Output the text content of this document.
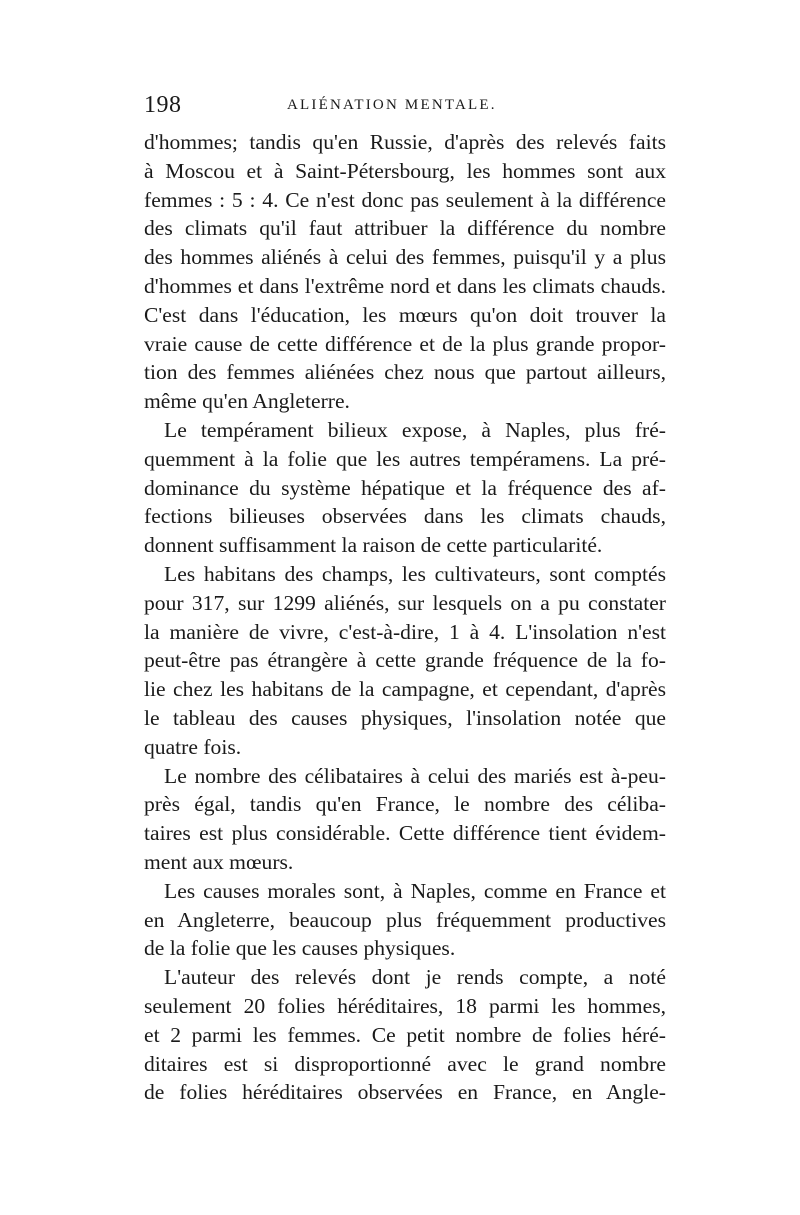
198	ALIÉNATION MENTALE.
d'hommes; tandis qu'en Russie, d'après des relevés faits
à Moscou et à Saint-Pétersbourg, les hommes sont aux
femmes : 5 : 4. Ce n'est donc pas seulement à la différence
des climats qu'il faut attribuer la différence du nombre
des hommes aliénés à celui des femmes, puisqu'il y a plus
d'hommes et dans l'extrême nord et dans les climats chauds.
C'est dans l'éducation, les mœurs qu'on doit trouver la
vraie cause de cette différence et de la plus grande propor-
tion des femmes aliénées chez nous que partout ailleurs,
même qu'en Angleterre.
Le tempérament bilieux expose, à Naples, plus fré-
quemment à la folie que les autres tempéramens. La pré-
dominance du système hépatique et la fréquence des af-
fections bilieuses observées dans les climats chauds,
donnent suffisamment la raison de cette particularité.
Les habitans des champs, les cultivateurs, sont comptés
pour 317, sur 1299 aliénés, sur lesquels on a pu constater
la manière de vivre, c'est-à-dire, 1 à 4. L'insolation n'est
peut-être pas étrangère à cette grande fréquence de la fo-
lie chez les habitans de la campagne, et cependant, d'après
le tableau des causes physiques, l'insolation notée que
quatre fois.
Le nombre des célibataires à celui des mariés est à-peu-
près égal, tandis qu'en France, le nombre des céliba-
taires est plus considérable. Cette différence tient évidem-
ment aux mœurs.
Les causes morales sont, à Naples, comme en France et
en Angleterre, beaucoup plus fréquemment productives
de la folie que les causes physiques.
L'auteur des relevés dont je rends compte, a noté
seulement 20 folies héréditaires, 18 parmi les hommes,
et 2 parmi les femmes. Ce petit nombre de folies héré-
ditaires est si disproportionné avec le grand nombre
de folies héréditaires observées en France, en Angle-
